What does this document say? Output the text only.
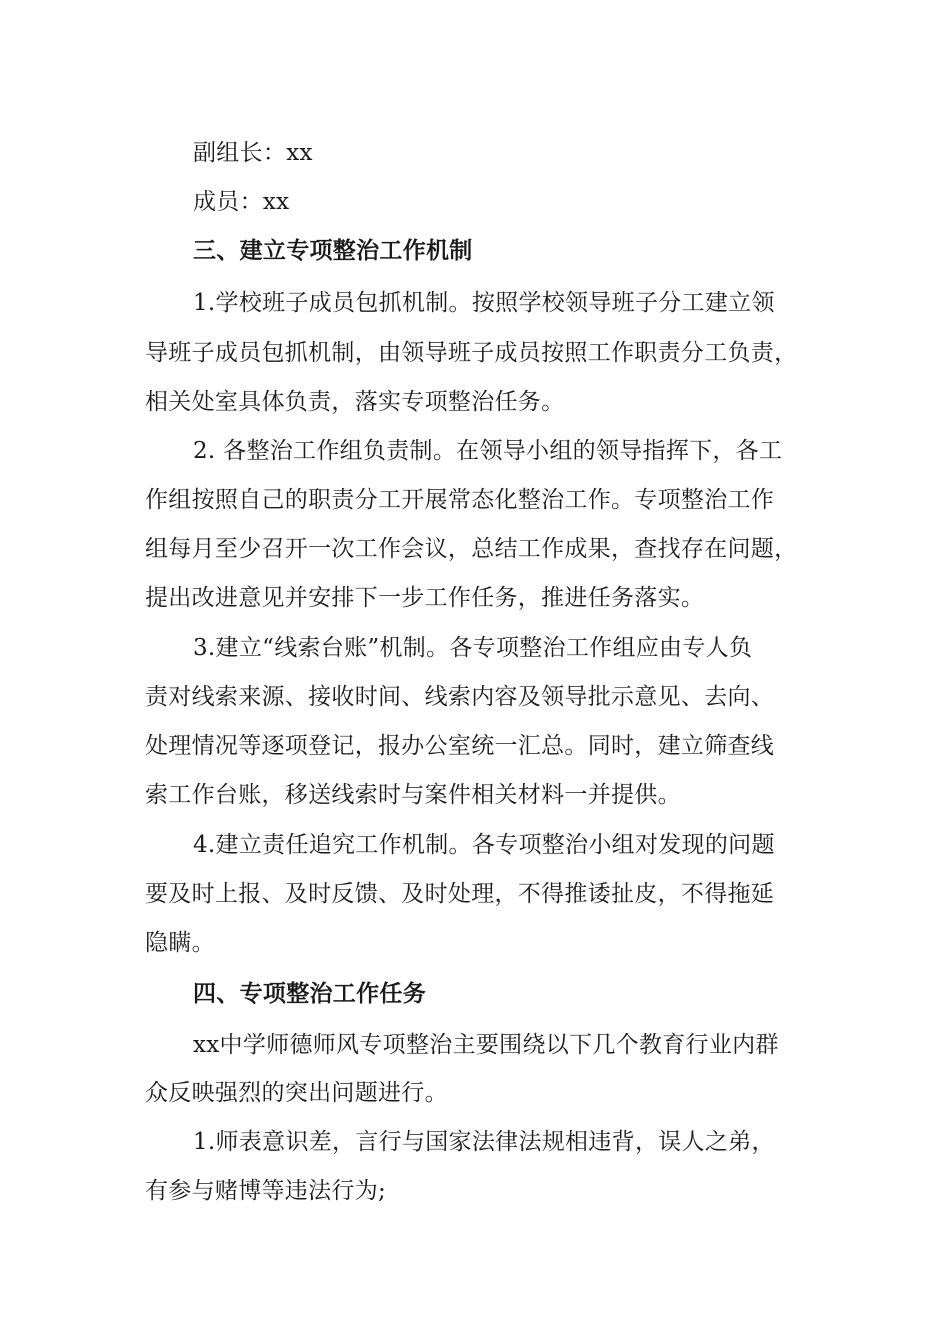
副组长：xx
成员：xx
三、建立专项整治工作机制
1.学校班子成员包抓机制。按照学校领导班子分工建立领
导班子成员包抓机制，由领导班子成员按照工作职责分工负责，
相关处室具体负责，落实专项整治任务。
2. 各整治工作组负责制。在领导小组的领导指挥下，各工
作组按照自己的职责分工开展常态化整治工作。专项整治工作
组每月至少召开一次工作会议，总结工作成果，查找存在问题，
提出改进意见并安排下一步工作任务，推进任务落实。
3.建立“线索台账”机制。各专项整治工作组应由专人负
责对线索来源、接收时间、线索内容及领导批示意见、去向、
处理情况等逐项登记，报办公室统一汇总。同时，建立筛查线
索工作台账，移送线索时与案件相关材料一并提供。
4.建立责任追究工作机制。各专项整治小组对发现的问题
要及时上报、及时反馈、及时处理，不得推诿扯皮，不得拖延
隐瞒。
四、专项整治工作任务
xx中学师德师风专项整治主要围绕以下几个教育行业内群
众反映强烈的突出问题进行。
1.师表意识差，言行与国家法律法规相违背，误人之弟，
有参与赌博等违法行为;
